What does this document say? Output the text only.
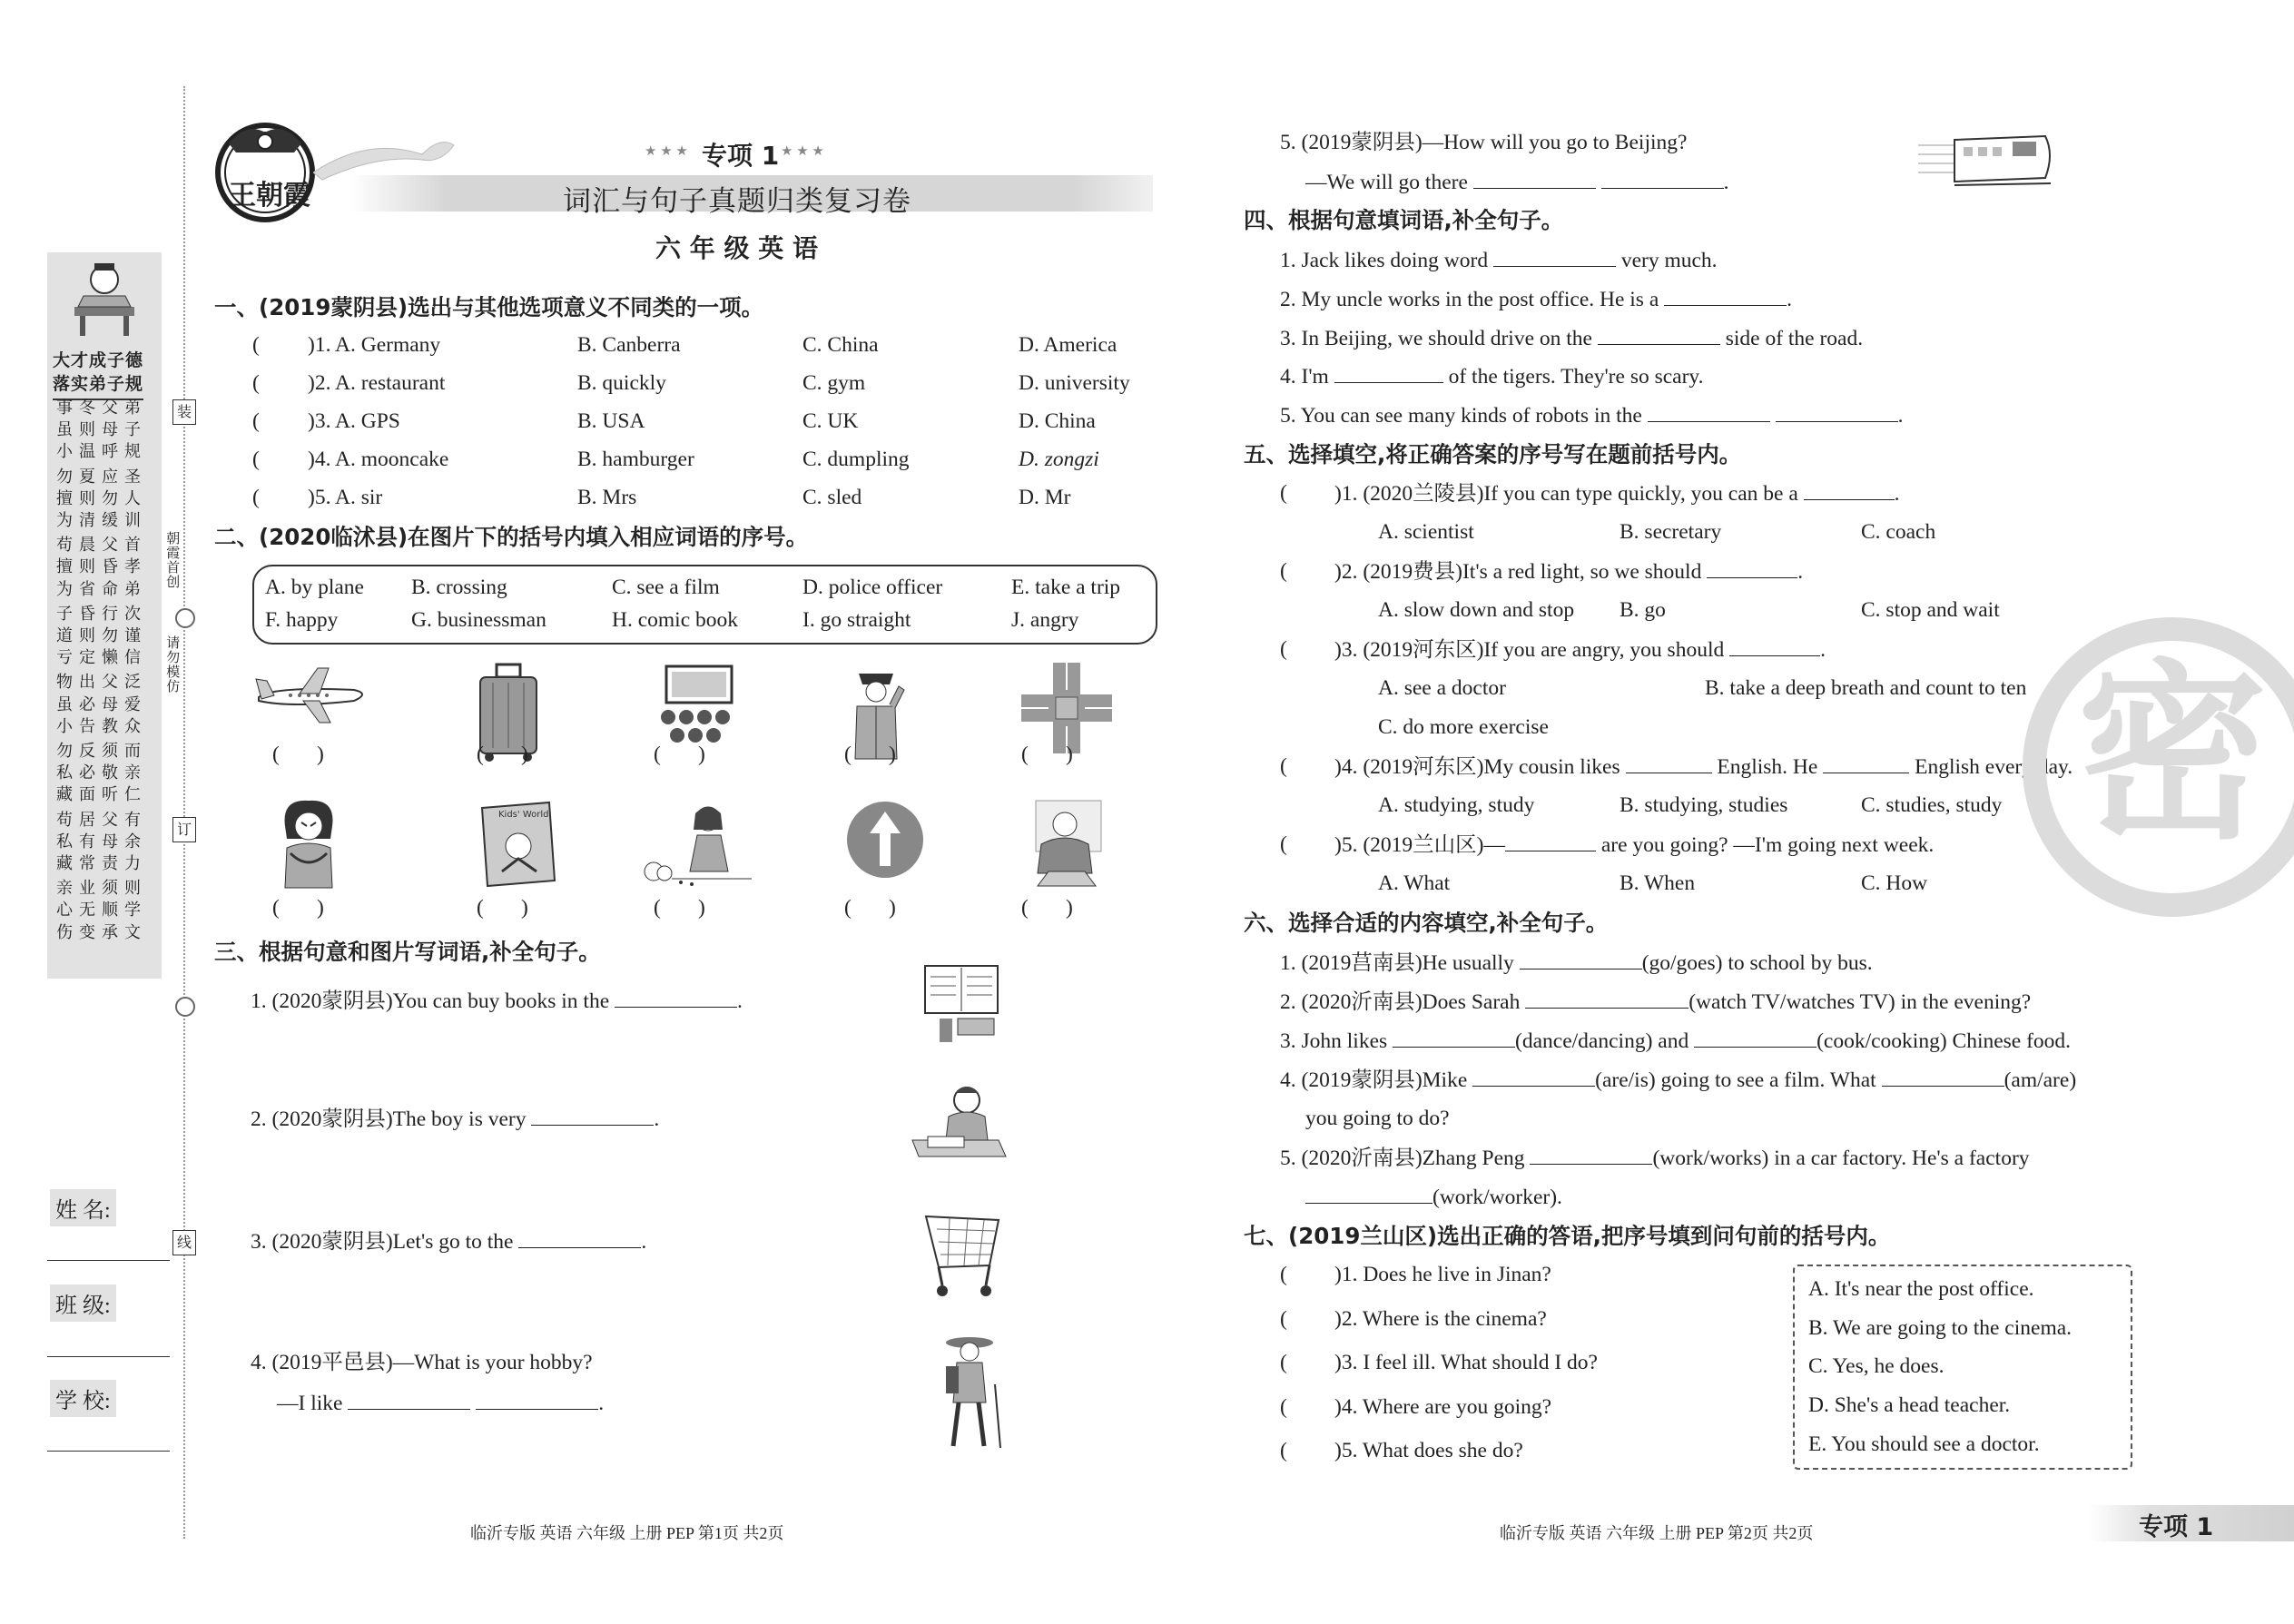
大才成子德
落实弟子规
事冬父弟
虽则母子
小温呼规
勿夏应圣
擅则勿人
为清缓训
苟晨父首
擅则昏孝
为省命弟
子昏行次
道则勿谨
亏定懒信
物出父泛
虽必母爱
小告教众
勿反须而
私必敬亲
藏面听仁
苟居父有
私有母余
藏常责力
亲业须则
心无顺学
伤变承文
装
朝霞首创
请勿模仿
订
线
姓 名:
班 级:
学 校:
王朝霞
★ ★ ★ 专项 1 ★ ★ ★
词汇与句子真题归类复习卷
六 年 级 英 语
一、(2019蒙阴县)选出与其他选项意义不同类的一项。
( )1. A. Germany	B. Canberra	C. China	D. America
( )2. A. restaurant	B. quickly	C. gym	D. university
( )3. A. GPS	B. USA	C. UK	D. China
( )4. A. mooncake	B. hamburger	C. dumpling	D. zongzi
( )5. A. sir	B. Mrs	C. sled	D. Mr
二、(2020临沭县)在图片下的括号内填入相应词语的序号。
A. by plane B. crossing	C. see a film	D. police officer	E. take a trip
F. happy	G. businessman	H. comic book	I. go straight	J. angry
(       )	(       )	(       )	(       )	(       )
(       )
Kids' World
(       )	(       )	(       )	(       )
三、根据句意和图片写词语,补全句子。
1. (2020蒙阴县)You can buy books in the	.
2. (2020蒙阴县)The boy is very	.
3. (2020蒙阴县)Let's go to the	.
4. (2019平邑县)—What is your hobby?
—I like	.
5. (2019蒙阴县)—How will you go to Beijing?
—We will go there	.
四、根据句意填词语,补全句子。
1. Jack likes doing word	very much.
2. My uncle works in the post office. He is a	.
3. In Beijing, we should drive on the	side of the road.
4. I'm	of the tigers. They're so scary.
5. You can see many kinds of robots in the	.
五、选择填空,将正确答案的序号写在题前括号内。
( )1. (2020兰陵县)If you can type quickly, you can be a	.
A. scientist	B. secretary	C. coach
( )2. (2019费县)It's a red light, so we should	.
A. slow down and stop B. go	C. stop and wait
( )3. (2019河东区)If you are angry, you should	.
A. see a doctor	B. take a deep breath and count to ten
C. do more exercise
( )4. (2019河东区)My cousin likes	English. He	English every day.
A. studying, study	B. studying, studies	C. studies, study
( )5. (2019兰山区)—	are you going? —I'm going next week.
A. What	B. When	C. How
密
六、选择合适的内容填空,补全句子。
1. (2019莒南县)He usually	(go/goes) to school by bus.
2. (2020沂南县)Does Sarah	(watch TV/watches TV) in the evening?
3. John likes	(dance/dancing) and	(cook/cooking) Chinese food.
4. (2019蒙阴县)Mike	(are/is) going to see a film. What	(am/are)
you going to do?
5. (2020沂南县)Zhang Peng	(work/works) in a car factory. He's a factory
(work/worker).
七、(2019兰山区)选出正确的答语,把序号填到问句前的括号内。
( )1. Does he live in Jinan?
( )2. Where is the cinema?
( )3. I feel ill. What should I do?
( )4. Where are you going?
( )5. What does she do?
A. It's near the post office.
B. We are going to the cinema.
C. Yes, he does.
D. She's a head teacher.
E. You should see a doctor.
临沂专版 英语 六年级 上册 PEP 第1页 共2页	临沂专版 英语 六年级 上册 PEP 第2页 共2页	专项 1
